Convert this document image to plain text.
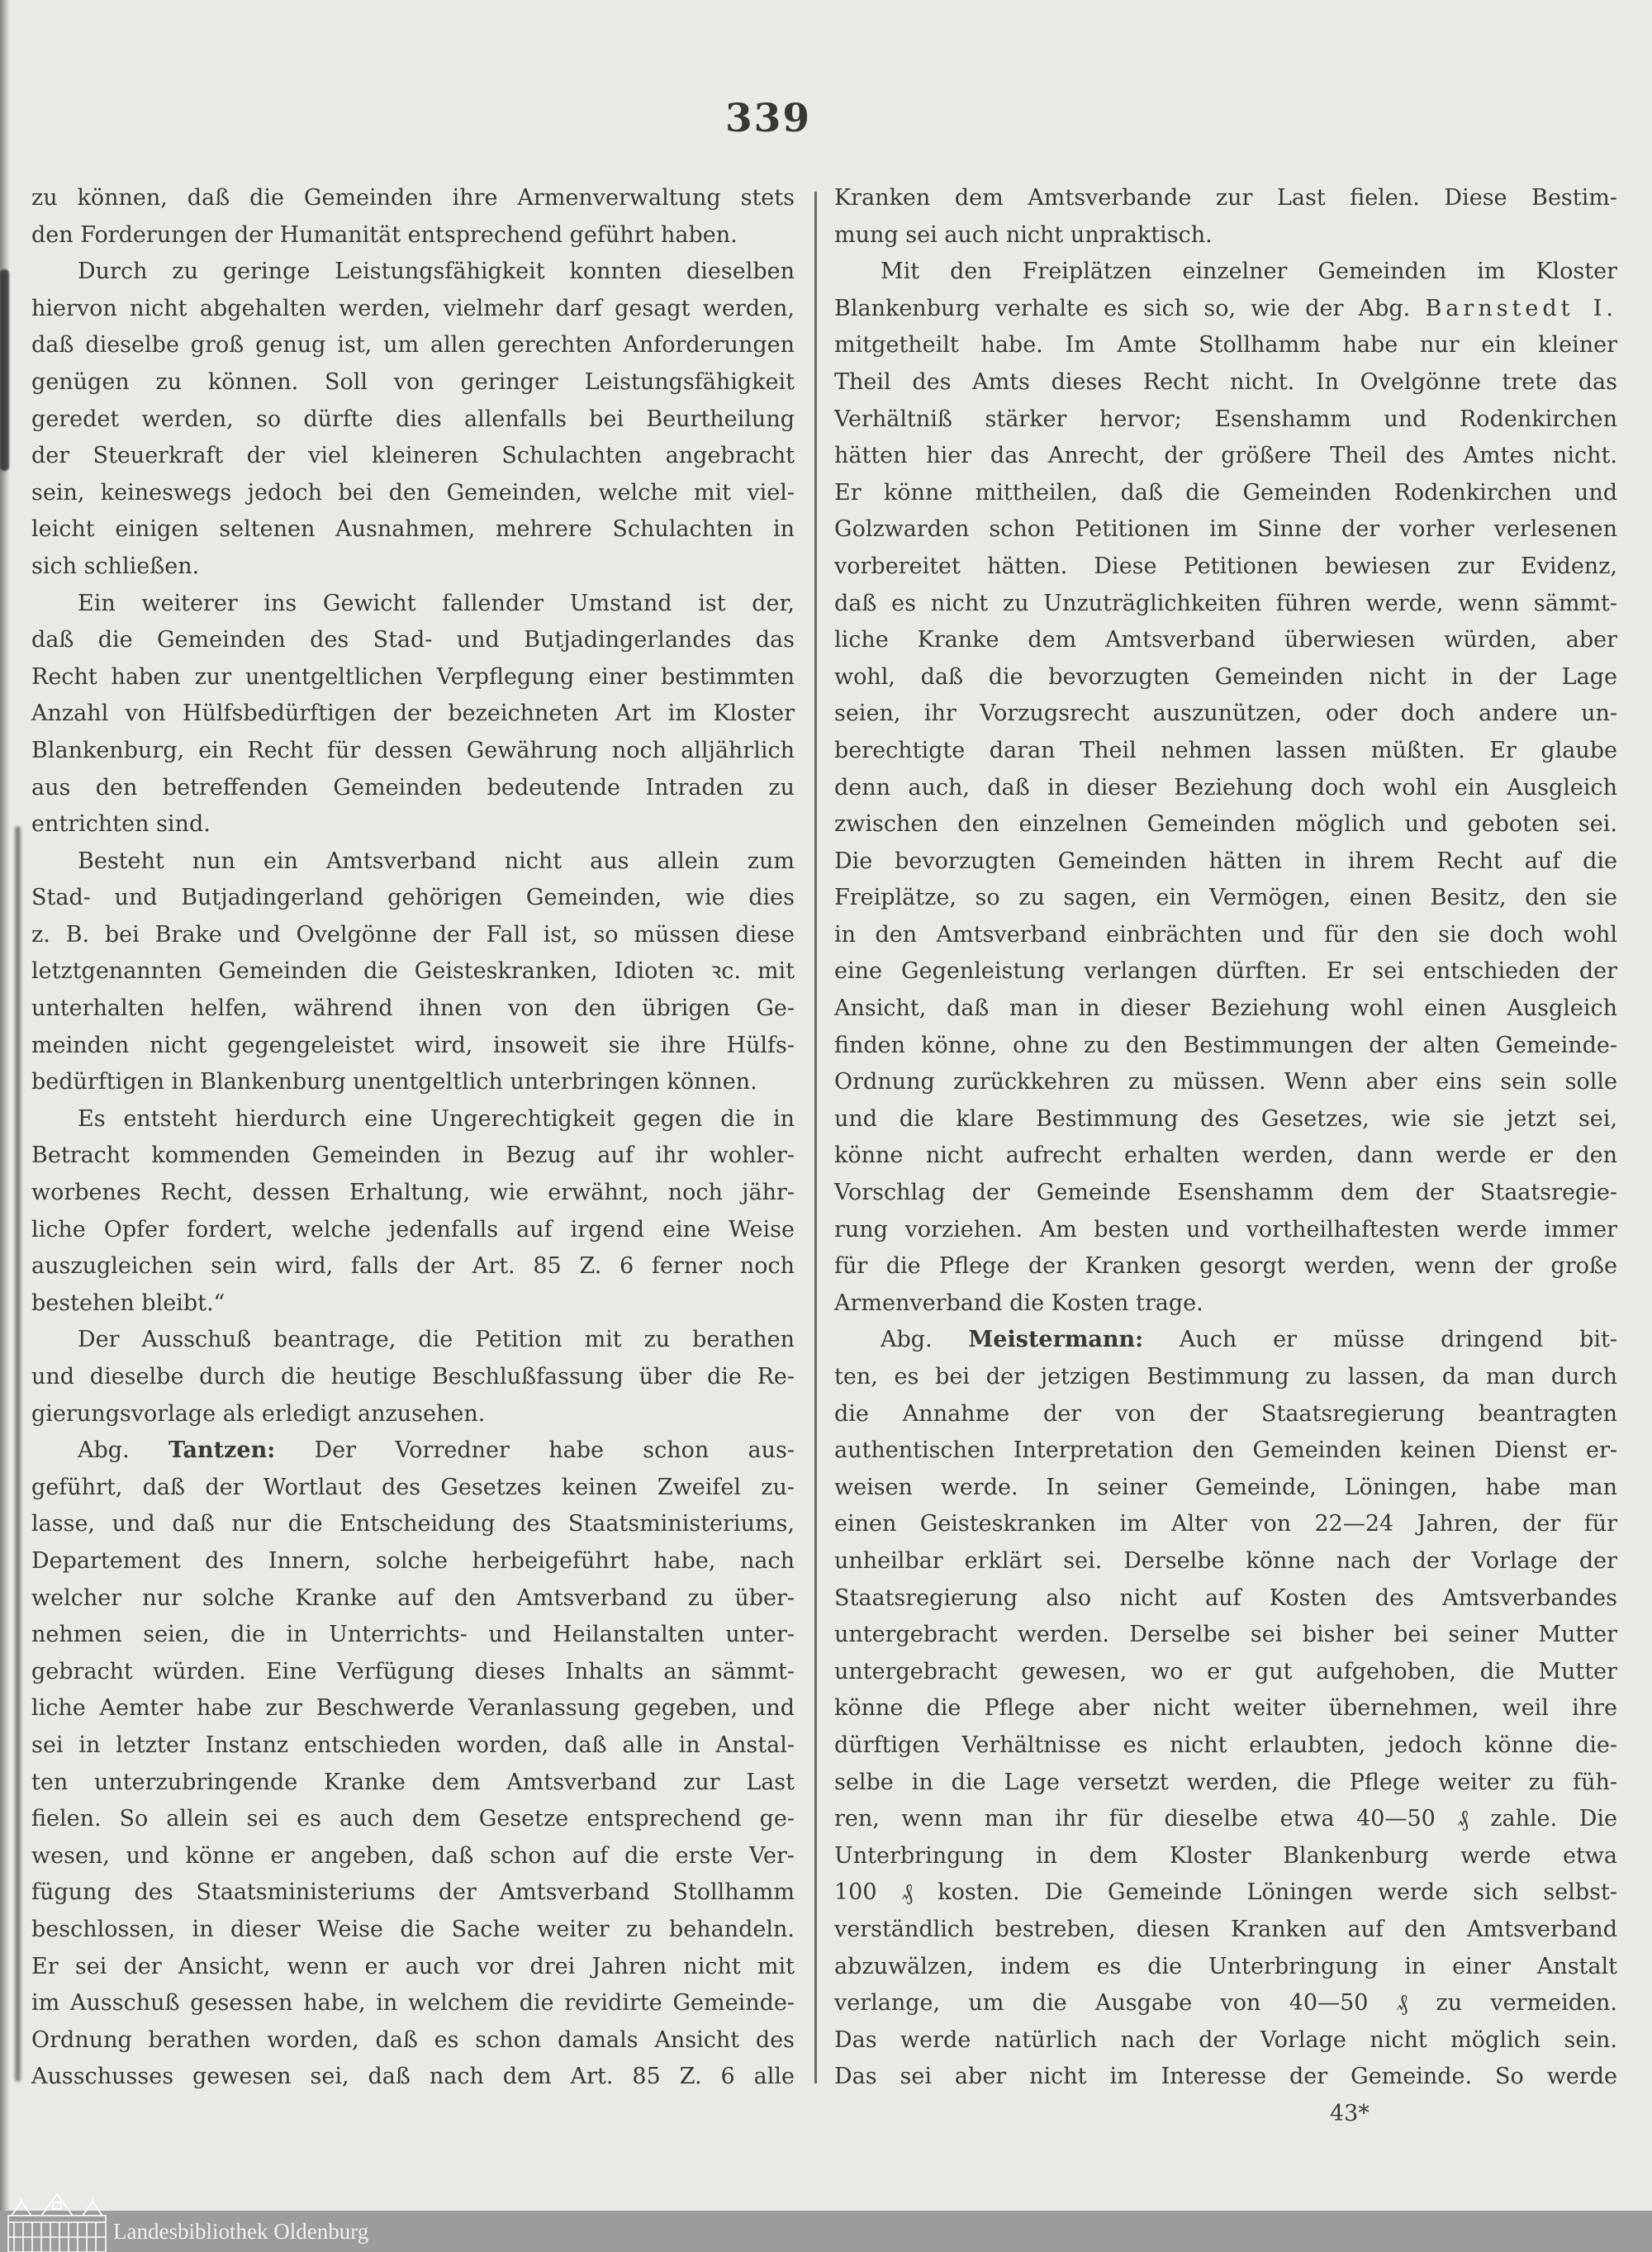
339
zu können, daß die Gemeinden ihre Armenverwaltung stets
den Forderungen der Humanität entsprechend geführt haben.
Durch zu geringe Leistungsfähigkeit konnten dieselben
hiervon nicht abgehalten werden, vielmehr darf gesagt werden,
daß dieselbe groß genug ist, um allen gerechten Anforderungen
genügen zu können. Soll von geringer Leistungsfähigkeit
geredet werden, so dürfte dies allenfalls bei Beurtheilung
der Steuerkraft der viel kleineren Schulachten angebracht
sein, keineswegs jedoch bei den Gemeinden, welche mit viel-
leicht einigen seltenen Ausnahmen, mehrere Schulachten in
sich schließen.
Ein weiterer ins Gewicht fallender Umstand ist der,
daß die Gemeinden des Stad- und Butjadingerlandes das
Recht haben zur unentgeltlichen Verpflegung einer bestimmten
Anzahl von Hülfsbedürftigen der bezeichneten Art im Kloster
Blankenburg, ein Recht für dessen Gewährung noch alljährlich
aus den betreffenden Gemeinden bedeutende Intraden zu
entrichten sind.
Besteht nun ein Amtsverband nicht aus allein zum
Stad- und Butjadingerland gehörigen Gemeinden, wie dies
z. B. bei Brake und Ovelgönne der Fall ist, so müssen diese
letztgenannten Gemeinden die Geisteskranken, Idioten ꝛc. mit
unterhalten helfen, während ihnen von den übrigen Ge-
meinden nicht gegengeleistet wird, insoweit sie ihre Hülfs-
bedürftigen in Blankenburg unentgeltlich unterbringen können.
Es entsteht hierdurch eine Ungerechtigkeit gegen die in
Betracht kommenden Gemeinden in Bezug auf ihr wohler-
worbenes Recht, dessen Erhaltung, wie erwähnt, noch jähr-
liche Opfer fordert, welche jedenfalls auf irgend eine Weise
auszugleichen sein wird, falls der Art. 85 Z. 6 ferner noch
bestehen bleibt.“
Der Ausschuß beantrage, die Petition mit zu berathen
und dieselbe durch die heutige Beschlußfassung über die Re-
gierungsvorlage als erledigt anzusehen.
Abg. Tantzen: Der Vorredner habe schon aus-
geführt, daß der Wortlaut des Gesetzes keinen Zweifel zu-
lasse, und daß nur die Entscheidung des Staatsministeriums,
Departement des Innern, solche herbeigeführt habe, nach
welcher nur solche Kranke auf den Amtsverband zu über-
nehmen seien, die in Unterrichts- und Heilanstalten unter-
gebracht würden. Eine Verfügung dieses Inhalts an sämmt-
liche Aemter habe zur Beschwerde Veranlassung gegeben, und
sei in letzter Instanz entschieden worden, daß alle in Anstal-
ten unterzubringende Kranke dem Amtsverband zur Last
fielen. So allein sei es auch dem Gesetze entsprechend ge-
wesen, und könne er angeben, daß schon auf die erste Ver-
fügung des Staatsministeriums der Amtsverband Stollhamm
beschlossen, in dieser Weise die Sache weiter zu behandeln.
Er sei der Ansicht, wenn er auch vor drei Jahren nicht mit
im Ausschuß gesessen habe, in welchem die revidirte Gemeinde-
Ordnung berathen worden, daß es schon damals Ansicht des
Ausschusses gewesen sei, daß nach dem Art. 85 Z. 6 alle
Kranken dem Amtsverbande zur Last fielen. Diese Bestim-
mung sei auch nicht unpraktisch.
Mit den Freiplätzen einzelner Gemeinden im Kloster
Blankenburg verhalte es sich so, wie der Abg. Barnstedt I.
mitgetheilt habe. Im Amte Stollhamm habe nur ein kleiner
Theil des Amts dieses Recht nicht. In Ovelgönne trete das
Verhältniß stärker hervor; Esenshamm und Rodenkirchen
hätten hier das Anrecht, der größere Theil des Amtes nicht.
Er könne mittheilen, daß die Gemeinden Rodenkirchen und
Golzwarden schon Petitionen im Sinne der vorher verlesenen
vorbereitet hätten. Diese Petitionen bewiesen zur Evidenz,
daß es nicht zu Unzuträglichkeiten führen werde, wenn sämmt-
liche Kranke dem Amtsverband überwiesen würden, aber
wohl, daß die bevorzugten Gemeinden nicht in der Lage
seien, ihr Vorzugsrecht auszunützen, oder doch andere un-
berechtigte daran Theil nehmen lassen müßten. Er glaube
denn auch, daß in dieser Beziehung doch wohl ein Ausgleich
zwischen den einzelnen Gemeinden möglich und geboten sei.
Die bevorzugten Gemeinden hätten in ihrem Recht auf die
Freiplätze, so zu sagen, ein Vermögen, einen Besitz, den sie
in den Amtsverband einbrächten und für den sie doch wohl
eine Gegenleistung verlangen dürften. Er sei entschieden der
Ansicht, daß man in dieser Beziehung wohl einen Ausgleich
finden könne, ohne zu den Bestimmungen der alten Gemeinde-
Ordnung zurückkehren zu müssen. Wenn aber eins sein solle
und die klare Bestimmung des Gesetzes, wie sie jetzt sei,
könne nicht aufrecht erhalten werden, dann werde er den
Vorschlag der Gemeinde Esenshamm dem der Staatsregie-
rung vorziehen. Am besten und vortheilhaftesten werde immer
für die Pflege der Kranken gesorgt werden, wenn der große
Armenverband die Kosten trage.
Abg. Meistermann: Auch er müsse dringend bit-
ten, es bei der jetzigen Bestimmung zu lassen, da man durch
die Annahme der von der Staatsregierung beantragten
authentischen Interpretation den Gemeinden keinen Dienst er-
weisen werde. In seiner Gemeinde, Löningen, habe man
einen Geisteskranken im Alter von 22—24 Jahren, der für
unheilbar erklärt sei. Derselbe könne nach der Vorlage der
Staatsregierung also nicht auf Kosten des Amtsverbandes
untergebracht werden. Derselbe sei bisher bei seiner Mutter
untergebracht gewesen, wo er gut aufgehoben, die Mutter
könne die Pflege aber nicht weiter übernehmen, weil ihre
dürftigen Verhältnisse es nicht erlaubten, jedoch könne die-
selbe in die Lage versetzt werden, die Pflege weiter zu füh-
ren, wenn man ihr für dieselbe etwa 40—50 ₰ zahle. Die
Unterbringung in dem Kloster Blankenburg werde etwa
100 ₰ kosten. Die Gemeinde Löningen werde sich selbst-
verständlich bestreben, diesen Kranken auf den Amtsverband
abzuwälzen, indem es die Unterbringung in einer Anstalt
verlange, um die Ausgabe von 40—50 ₰ zu vermeiden.
Das werde natürlich nach der Vorlage nicht möglich sein.
Das sei aber nicht im Interesse der Gemeinde. So werde
43*
Landesbibliothek Oldenburg
